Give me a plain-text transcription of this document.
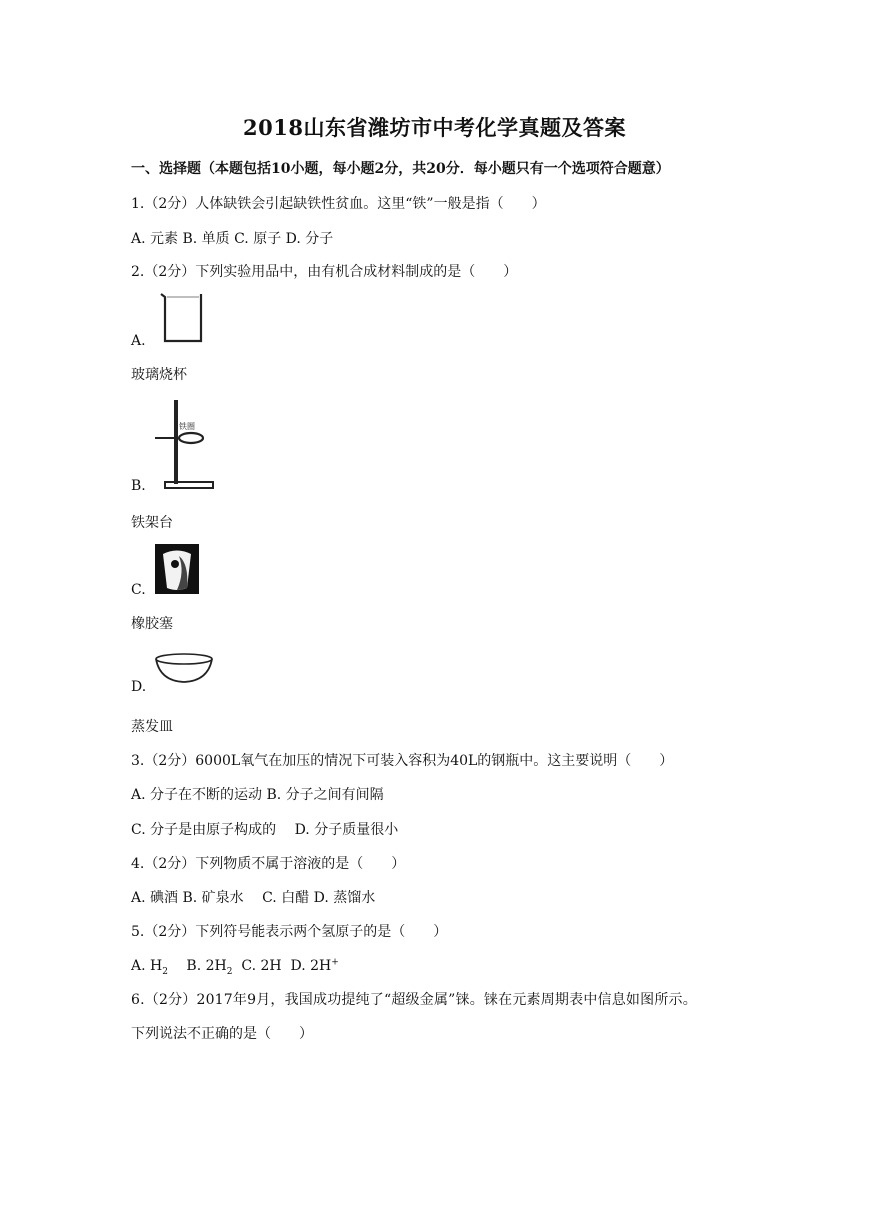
2018山东省潍坊市中考化学真题及答案
一、选择题（本题包括10小题，每小题2分，共20分．每小题只有一个选项符合题意）
1.（2分）人体缺铁会引起缺铁性贫血。这里“铁”一般是指（　　）
A. 元素 B. 单质 C. 原子 D. 分子
2.（2分）下列实验用品中，由有机合成材料制成的是（　　）
A.
玻璃烧杯
铁圈
B.
铁架台
C.
橡胶塞
D.
蒸发皿
3.（2分）6000L氧气在加压的情况下可装入容积为40L的钢瓶中。这主要说明（　　）
A. 分子在不断的运动 B. 分子之间有间隔
C. 分子是由原子构成的　 D. 分子质量很小
4.（2分）下列物质不属于溶液的是（　　）
A. 碘酒 B. 矿泉水　 C. 白醋 D. 蒸馏水
5.（2分）下列符号能表示两个氢原子的是（　　）
A. $H_2$　 B. $2H_2$ C. 2H D. 2H+
6.（2分）2017年9月，我国成功提纯了“超级金属”铼。铼在元素周期表中信息如图所示。
下列说法不正确的是（　　）
